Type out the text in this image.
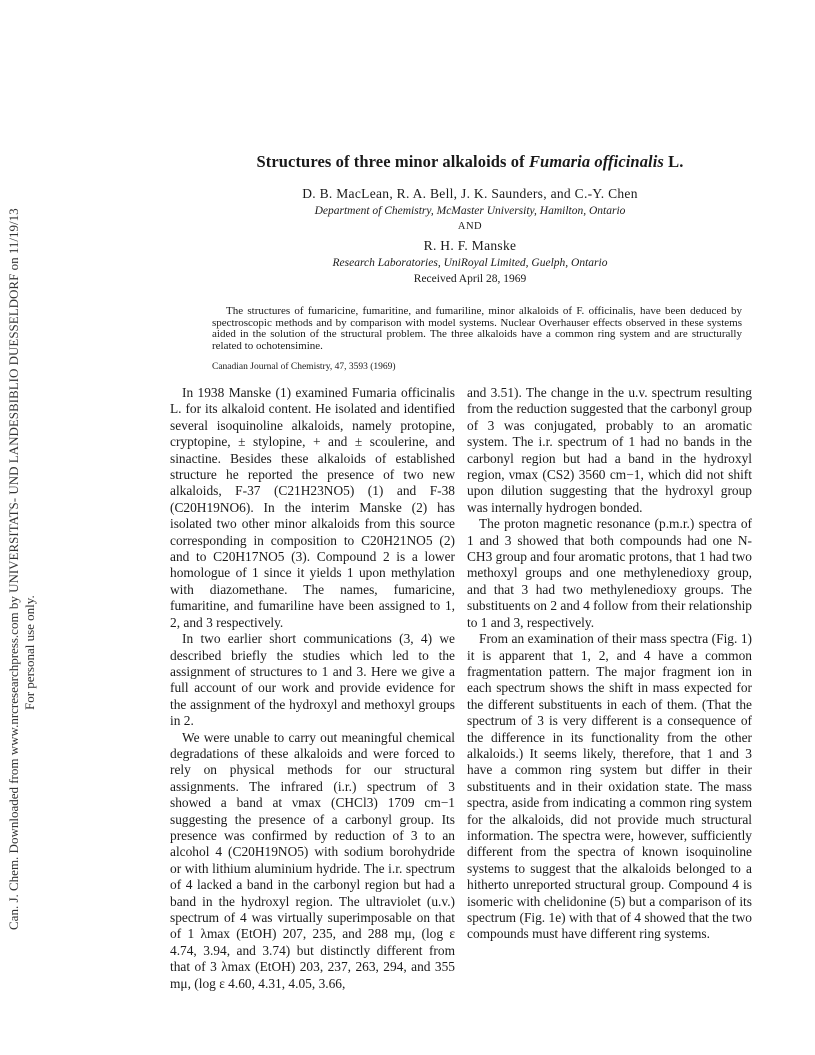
Can. J. Chem. Downloaded from www.nrcresearchpress.com by UNIVERSITATS- UND LANDESBIBLIO DUESSELDORF on 11/19/13 For personal use only.
Structures of three minor alkaloids of Fumaria officinalis L.
D. B. MacLean, R. A. Bell, J. K. Saunders, and C.-Y. Chen
Department of Chemistry, McMaster University, Hamilton, Ontario
AND
R. H. F. Manske
Research Laboratories, UniRoyal Limited, Guelph, Ontario
Received April 28, 1969

The structures of fumaricine, fumaritine, and fumariline, minor alkaloids of F. officinalis, have been deduced by spectroscopic methods and by comparison with model systems. Nuclear Overhauser effects observed in these systems aided in the solution of the structural problem. The three alkaloids have a common ring system and are structurally related to ochotensimine.

Canadian Journal of Chemistry, 47, 3593 (1969)

In 1938 Manske (1) examined Fumaria officinalis L. for its alkaloid content. He isolated and identified several isoquinoline alkaloids, namely protopine, cryptopine, ± stylopine, + and ± scoulerine, and sinactine. Besides these alkaloids of established structure he reported the presence of two new alkaloids, F-37 (C21H23NO5) (1) and F-38 (C20H19NO6). In the interim Manske (2) has isolated two other minor alkaloids from this source corresponding in composition to C20H21NO5 (2) and to C20H17NO5 (3). Compound 2 is a lower homologue of 1 since it yields 1 upon methylation with diazomethane. The names, fumaricine, fumaritine, and fumariline have been assigned to 1, 2, and 3 respectively.

In two earlier short communications (3, 4) we described briefly the studies which led to the assignment of structures to 1 and 3. Here we give a full account of our work and provide evidence for the assignment of the hydroxyl and methoxyl groups in 2.

We were unable to carry out meaningful chemical degradations of these alkaloids and were forced to rely on physical methods for our structural assignments. The infrared (i.r.) spectrum of 3 showed a band at νmax (CHCl3) 1709 cm−1 suggesting the presence of a carbonyl group. Its presence was confirmed by reduction of 3 to an alcohol 4 (C20H19NO5) with sodium borohydride or with lithium aluminium hydride. The i.r. spectrum of 4 lacked a band in the carbonyl region but had a band in the hydroxyl region. The ultraviolet (u.v.) spectrum of 4 was virtually superimposable on that of 1 λmax (EtOH) 207, 235, and 288 mμ, (log ε 4.74, 3.94, and 3.74) but distinctly different from that of 3 λmax (EtOH) 203, 237, 263, 294, and 355 mμ, (log ε 4.60, 4.31, 4.05, 3.66,

and 3.51). The change in the u.v. spectrum resulting from the reduction suggested that the carbonyl group of 3 was conjugated, probably to an aromatic system. The i.r. spectrum of 1 had no bands in the carbonyl region but had a band in the hydroxyl region, νmax (CS2) 3560 cm−1, which did not shift upon dilution suggesting that the hydroxyl group was internally hydrogen bonded.

The proton magnetic resonance (p.m.r.) spectra of 1 and 3 showed that both compounds had one N-CH3 group and four aromatic protons, that 1 had two methoxyl groups and one methylenedioxy group, and that 3 had two methylenedioxy groups. The substituents on 2 and 4 follow from their relationship to 1 and 3, respectively.

From an examination of their mass spectra (Fig. 1) it is apparent that 1, 2, and 4 have a common fragmentation pattern. The major fragment ion in each spectrum shows the shift in mass expected for the different substituents in each of them. (That the spectrum of 3 is very different is a consequence of the difference in its functionality from the other alkaloids.) It seems likely, therefore, that 1 and 3 have a common ring system but differ in their substituents and in their oxidation state. The mass spectra, aside from indicating a common ring system for the alkaloids, did not provide much structural information. The spectra were, however, sufficiently different from the spectra of known isoquinoline systems to suggest that the alkaloids belonged to a hitherto unreported structural group. Compound 4 is isomeric with chelidonine (5) but a comparison of its spectrum (Fig. 1e) with that of 4 showed that the two compounds must have different ring systems.
